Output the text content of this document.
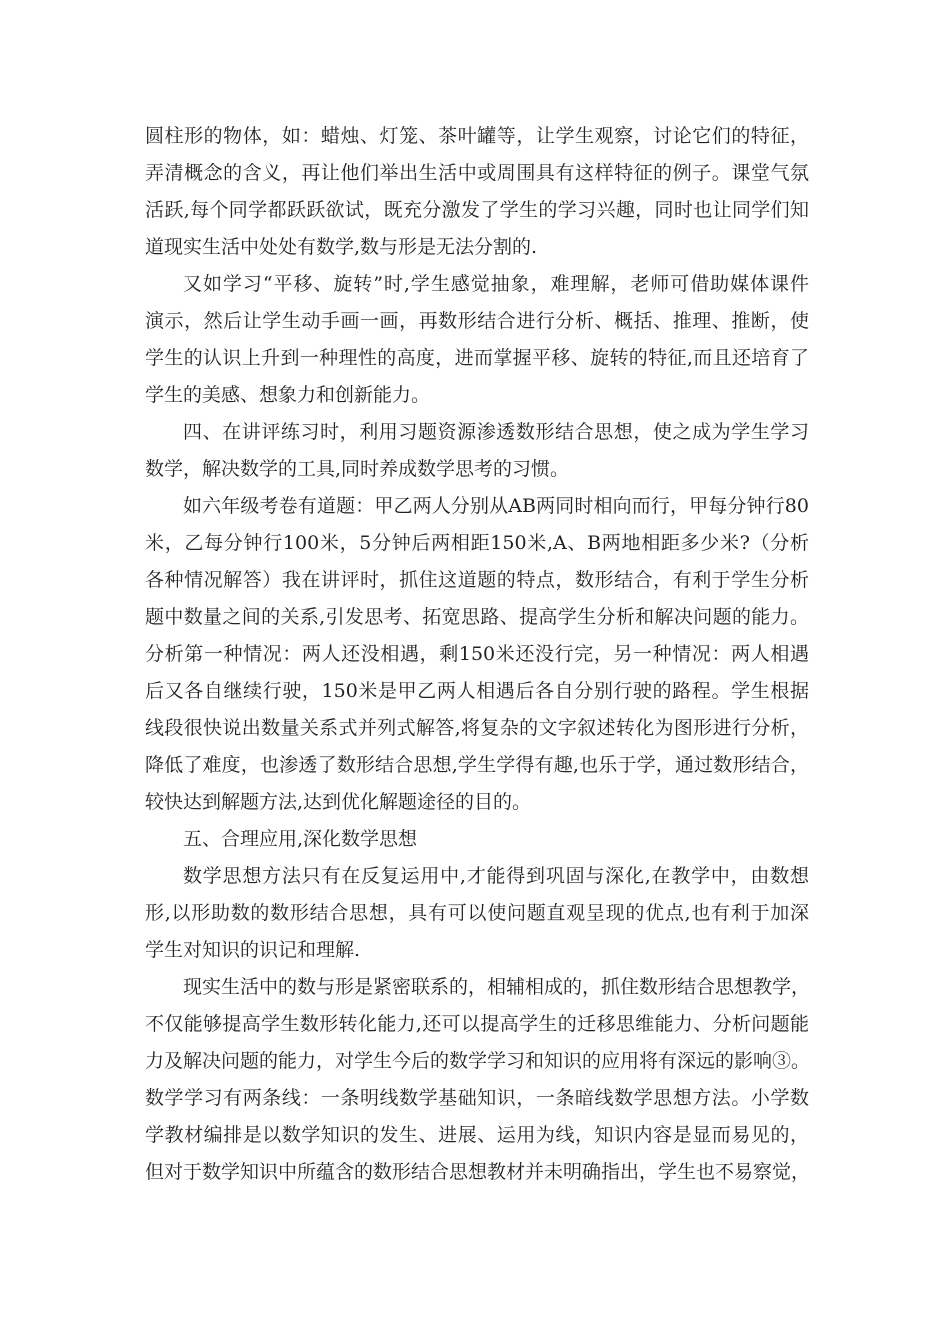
圆柱形的物体，如：蜡烛、灯笼、茶叶罐等，让学生观察，讨论它们的特征，
弄清概念的含义，再让他们举出生活中或周围具有这样特征的例子。课堂气氛
活跃,每个同学都跃跃欲试，既充分激发了学生的学习兴趣，同时也让同学们知
道现实生活中处处有数学,数与形是无法分割的.
又如学习“平移、旋转”时,学生感觉抽象，难理解，老师可借助媒体课件
演示，然后让学生动手画一画，再数形结合进行分析、概括、推理、推断，使
学生的认识上升到一种理性的高度，进而掌握平移、旋转的特征,而且还培育了
学生的美感、想象力和创新能力。
四、在讲评练习时，利用习题资源渗透数形结合思想，使之成为学生学习
数学，解决数学的工具,同时养成数学思考的习惯。
如六年级考卷有道题：甲乙两人分别从AB两同时相向而行，甲每分钟行80
米，乙每分钟行100米，5分钟后两相距150米,A、B两地相距多少米?（分析
各种情况解答）我在讲评时，抓住这道题的特点，数形结合，有利于学生分析
题中数量之间的关系,引发思考、拓宽思路、提高学生分析和解决问题的能力。
分析第一种情况：两人还没相遇，剩150米还没行完，另一种情况：两人相遇
后又各自继续行驶，150米是甲乙两人相遇后各自分别行驶的路程。学生根据
线段很快说出数量关系式并列式解答,将复杂的文字叙述转化为图形进行分析，
降低了难度，也渗透了数形结合思想,学生学得有趣,也乐于学，通过数形结合，
较快达到解题方法,达到优化解题途径的目的。
五、合理应用,深化数学思想
数学思想方法只有在反复运用中,才能得到巩固与深化,在教学中，由数想
形,以形助数的数形结合思想，具有可以使问题直观呈现的优点,也有利于加深
学生对知识的识记和理解.
现实生活中的数与形是紧密联系的，相辅相成的，抓住数形结合思想教学，
不仅能够提高学生数形转化能力,还可以提高学生的迁移思维能力、分析问题能
力及解决问题的能力，对学生今后的数学学习和知识的应用将有深远的影响③。
数学学习有两条线：一条明线数学基础知识，一条暗线数学思想方法。小学数
学教材编排是以数学知识的发生、进展、运用为线，知识内容是显而易见的，
但对于数学知识中所蕴含的数形结合思想教材并未明确指出，学生也不易察觉，
